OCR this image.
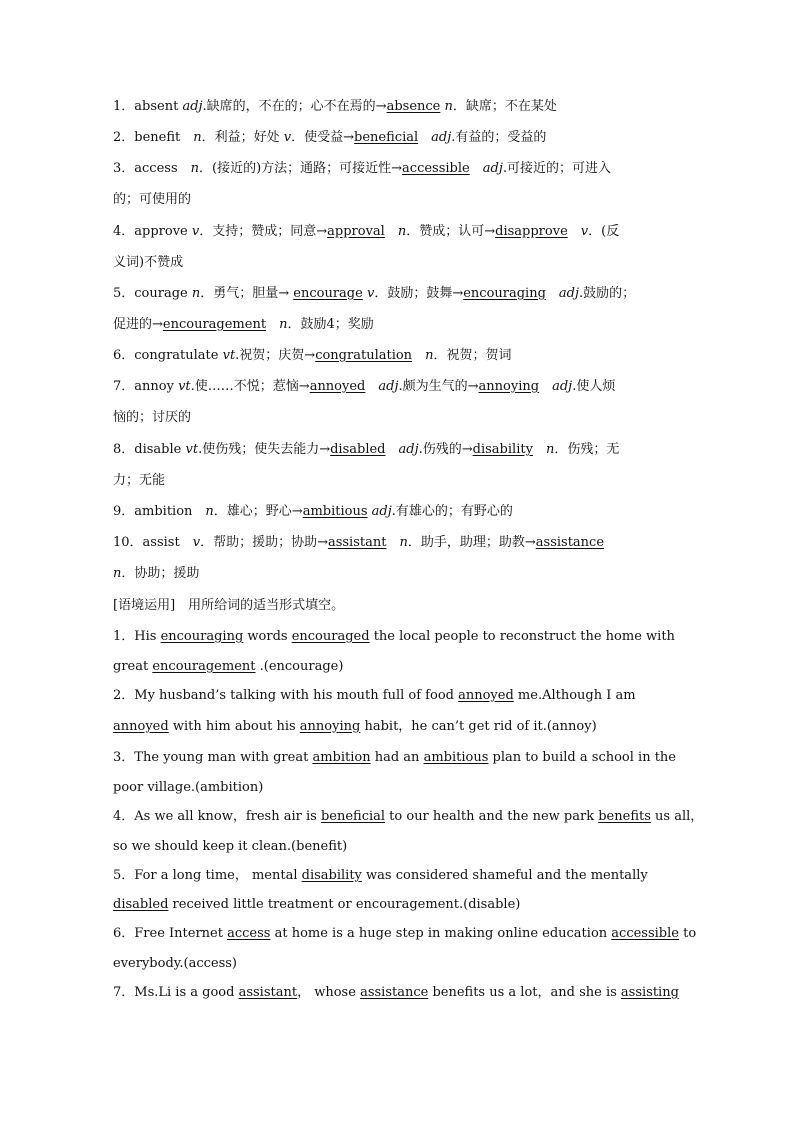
1．absent adj.缺席的，不在的；心不在焉的→absence n．缺席；不在某处
2．benefit　n．利益；好处 v．使受益→beneficial　 adj.有益的；受益的
3．access　n．(接近的)方法；通路；可接近性→accessible　 adj.可接近的；可进入
的；可使用的
4．approve v．支持；赞成；同意→approval　 n．赞成；认可→disapprove　 v．(反
义词)不赞成
5．courage n．勇气；胆量→ encourage v．鼓励；鼓舞→encouraging　 adj.鼓励的；
促进的→encouragement　 n．鼓励4；奖励
6．congratulate vt.祝贺；庆贺→congratulation　 n．祝贺；贺词
7．annoy vt.使……不悦；惹恼→annoyed　 adj.颇为生气的→annoying　 adj.使人烦
恼的；讨厌的
8．disable vt.使伤残；使失去能力→disabled　 adj.伤残的→disability　 n．伤残；无
力；无能
9．ambition　n．雄心；野心→ambitious adj.有雄心的；有野心的
10．assist　v．帮助；援助；协助→assistant　 n．助手，助理；助教→assistance
n．协助；援助
[语境运用]　用所给词的适当形式填空。
1．His encouraging words encouraged the local people to reconstruct the home with
great encouragement .(encourage)
2．My husband’s talking with his mouth full of food annoyed me.Although I am
annoyed with him about his annoying habit，he can’t get rid of it.(annoy)
3．The young man with great ambition had an ambitious plan to build a school in the
poor village.(ambition)
4．As we all know，fresh air is beneficial to our health and the new park benefits us all，
so we should keep it clean.(benefit)
5．For a long time， mental disability was considered shameful and the mentally
disabled received little treatment or encouragement.(disable)
6．Free Internet access at home is a huge step in making online education accessible to
everybody.(access)
7．Ms.Li is a good assistant， whose assistance benefits us a lot，and she is assisting
